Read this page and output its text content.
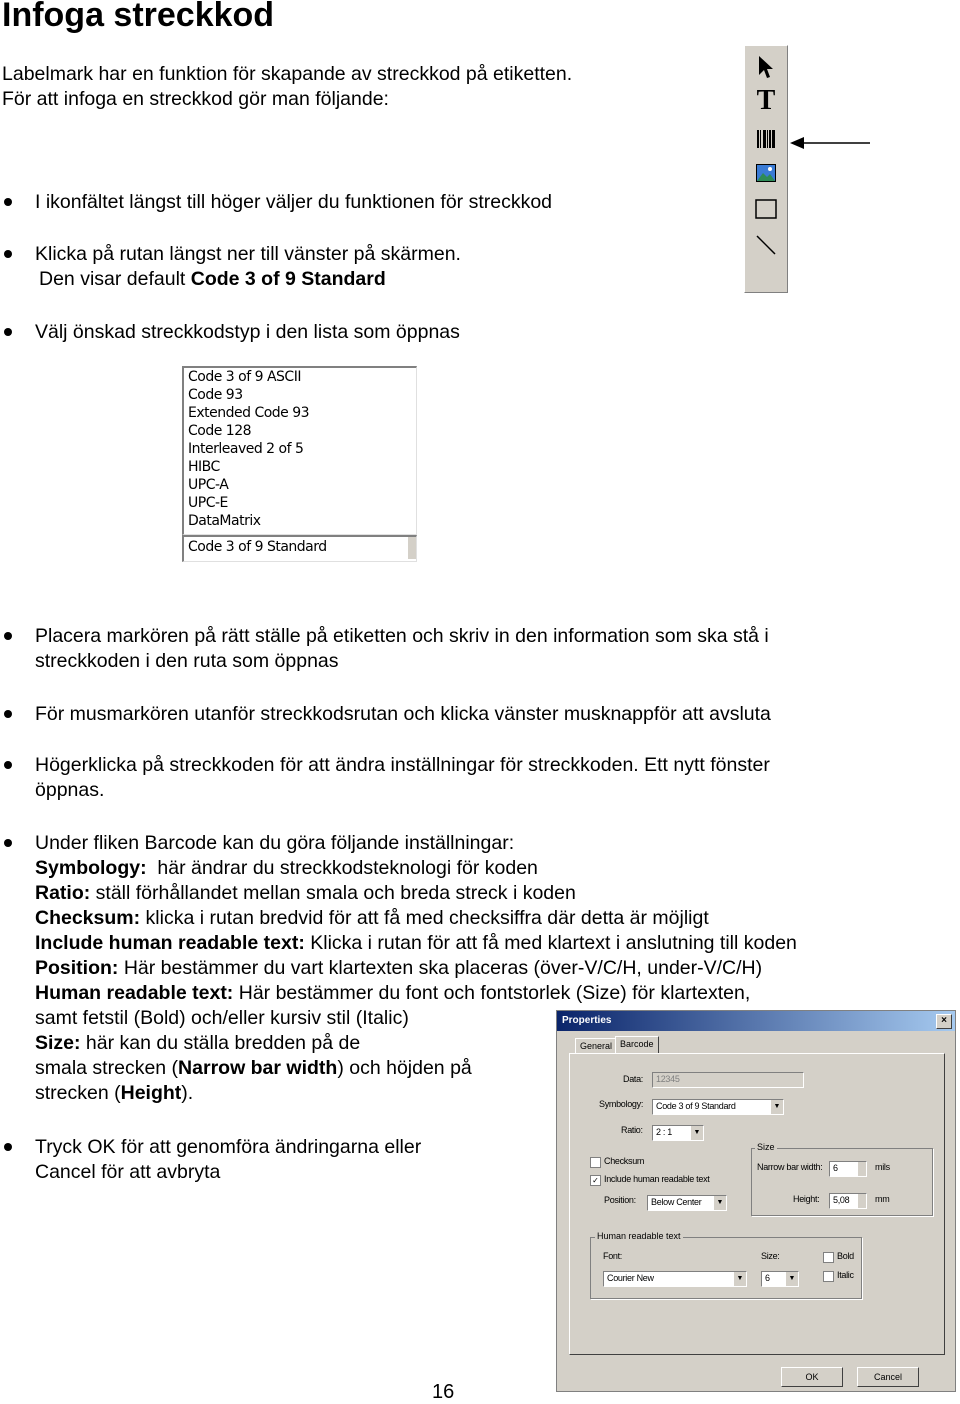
Infoga streckkod
Labelmark har en funktion för skapande av streckkod på etiketten.
För att infoga en streckkod gör man följande:	T
I ikonfältet längst till höger väljer du funktionen för streckkod
Klicka på rutan längst ner till vänster på skärmen.
Den visar default Code 3 of 9 Standard
Välj önskad streckkodstyp i den lista som öppnas
Code 3 of 9 ASCII
Code 93
Extended Code 93
Code 128
Interleaved 2 of 5
HIBC
UPC-A
UPC-E
DataMatrix
Code 3 of 9 Standard
Placera markören på rätt ställe på etiketten och skriv in den information som ska stå i
streckkoden i den ruta som öppnas
För musmarkören utanför streckkodsrutan och klicka vänster musknappför att avsluta
Högerklicka på streckkoden för att ändra inställningar för streckkoden. Ett nytt fönster
öppnas.
Under fliken Barcode kan du göra följande inställningar:
Symbology:  här ändrar du streckkodsteknologi för koden
Ratio: ställ förhållandet mellan smala och breda streck i koden
Checksum: klicka i rutan bredvid för att få med checksiffra där detta är möjligt
Include human readable text: Klicka i rutan för att få med klartext i anslutning till koden
Position: Här bestämmer du vart klartexten ska placeras (över-V/C/H, under-V/C/H)
Human readable text: Här bestämmer du font och fontstorlek (Size) för klartexten,
samt fetstil (Bold) och/eller kursiv stil (Italic)
Size: här kan du ställa bredden på de
smala strecken (Narrow bar width) och höjden på
strecken (Height).
Tryck OK för att genomföra ändringarna eller
Cancel för att avbryta
Properties	×
General Barcode
Data: 12345
Symbology: Code 3 of 9 Standard	▼
Ratio: 2 : 1	▼
Checksum
✓ Include human readable text
Position: Below Center	▼
Size
Narrow bar width: 6	mils
Height: 5,08	mm
Human readable text
Font:
Courier New	▼
Size:
6	▼
Bold
Italic
OK	Cancel
16
